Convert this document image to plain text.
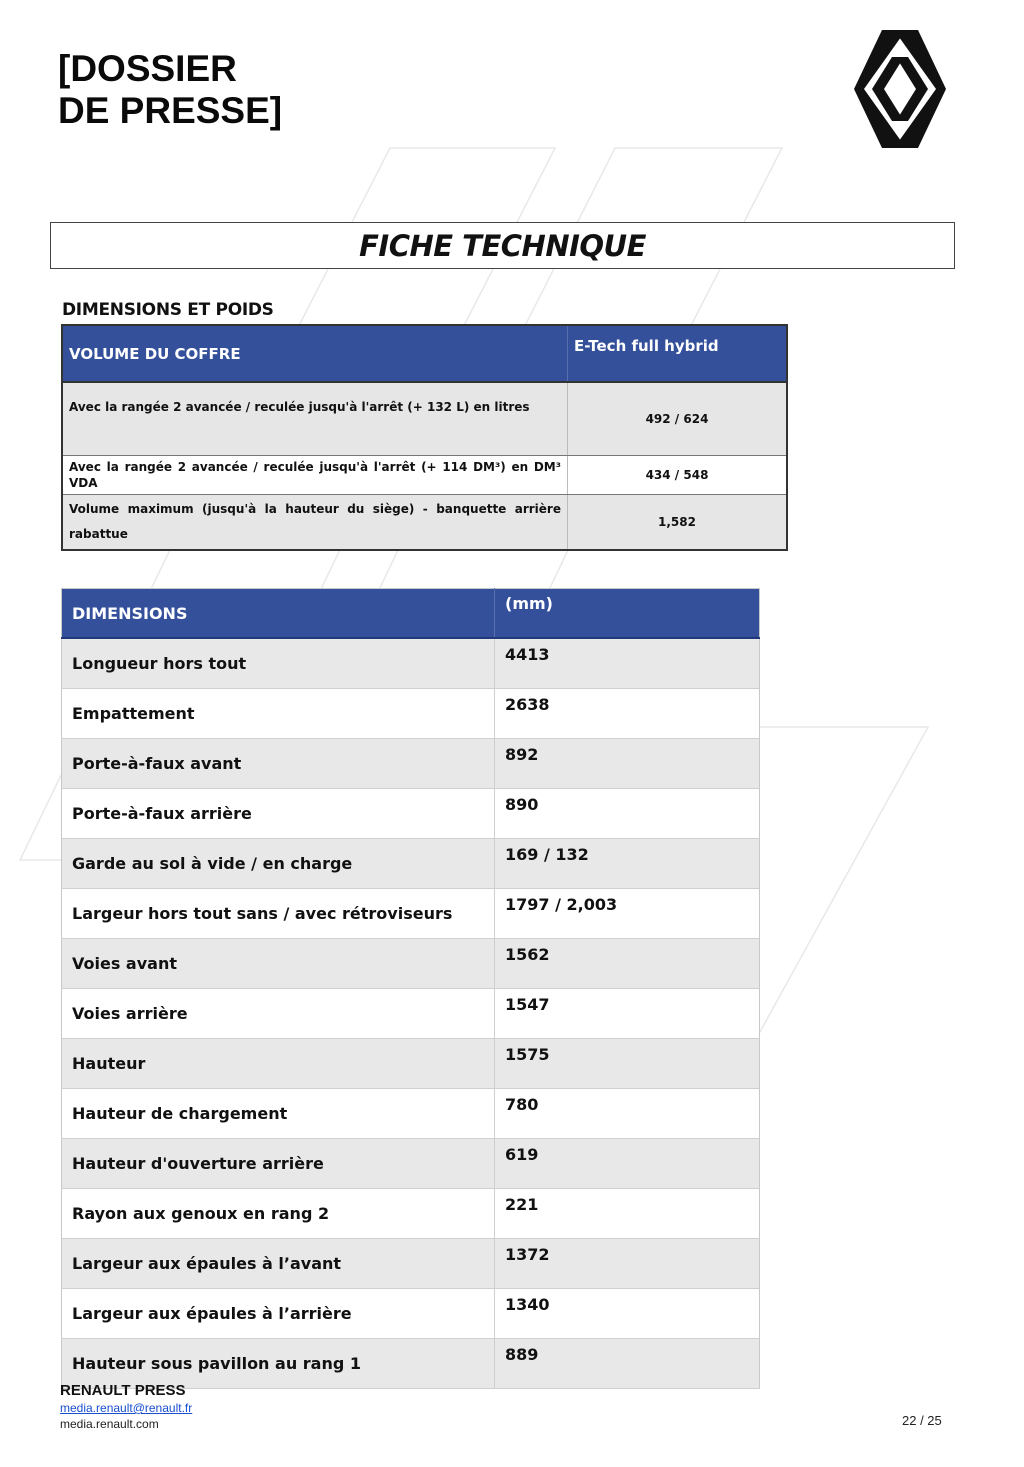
[DOSSIER
DE PRESSE]
FICHE TECHNIQUE
DIMENSIONS ET POIDS
VOLUME DU COFFRE	E-Tech full hybrid
Avec la rangée 2 avancée / reculée jusqu'à l'arrêt (+ 132 L) en litres	492 / 624
Avec la rangée 2 avancée / reculée jusqu'à l'arrêt (+ 114 DM³) en DM³ VDA	434 / 548
Volume maximum (jusqu'à la hauteur du siège) - banquette arrière rabattue	1,582
DIMENSIONS	(mm)
Longueur hors tout	4413
Empattement	2638
Porte-à-faux avant	892
Porte-à-faux arrière	890
Garde au sol à vide / en charge	169 / 132
Largeur hors tout sans / avec rétroviseurs	1797 / 2,003
Voies avant	1562
Voies arrière	1547
Hauteur	1575
Hauteur de chargement	780
Hauteur d'ouverture arrière	619
Rayon aux genoux en rang 2	221
Largeur aux épaules à l’avant	1372
Largeur aux épaules à l’arrière	1340
Hauteur sous pavillon au rang 1	889
RENAULT PRESS
media.renault@renault.fr
media.renault.com	22 / 25
